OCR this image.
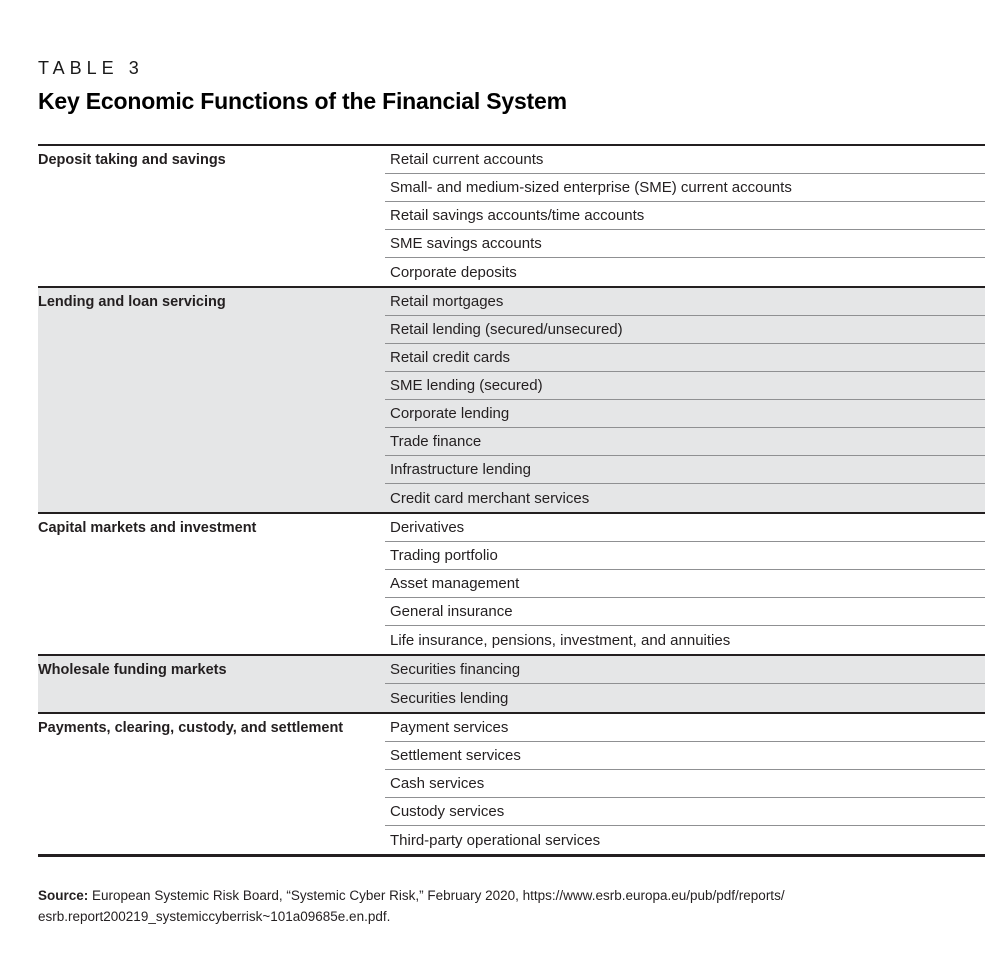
TABLE 3
Key Economic Functions of the Financial System
Deposit taking and savings	Retail current accounts
Small- and medium-sized enterprise (SME) current accounts
Retail savings accounts/time accounts
SME savings accounts
Corporate deposits
Lending and loan servicing	Retail mortgages
Retail lending (secured/unsecured)
Retail credit cards
SME lending (secured)
Corporate lending
Trade finance
Infrastructure lending
Credit card merchant services
Capital markets and investment	Derivatives
Trading portfolio
Asset management
General insurance
Life insurance, pensions, investment, and annuities
Wholesale funding markets	Securities financing
Securities lending
Payments, clearing, custody, and settlement	Payment services
Settlement services
Cash services
Custody services
Third-party operational services

Source: European Systemic Risk Board, “Systemic Cyber Risk,” February 2020, https://www.esrb.europa.eu/pub/pdf/reports/
esrb.report200219_systemiccyberrisk~101a09685e.en.pdf.
